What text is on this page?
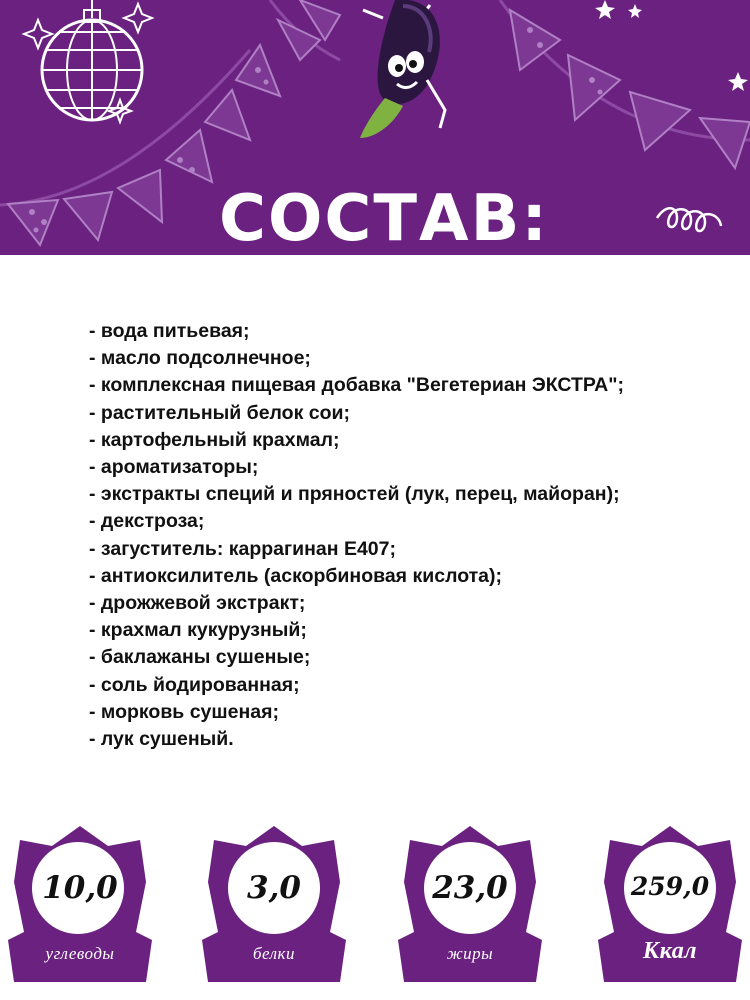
СОСТАВ:
- вода питьевая;
- масло подсолнечное;
- комплексная пищевая добавка "Вегетериан ЭКСТРА";
- растительный белок сои;
- картофельный крахмал;
- ароматизаторы;
- экстракты специй и пряностей (лук, перец, майоран);
- декстроза;
- загуститель: каррагинан Е407;
- антиоксилитель (аскорбиновая кислота);
- дрожжевой экстракт;
- крахмал кукурузный;
- баклажаны сушеные;
- соль йодированная;
- морковь сушеная;
- лук сушеный.
10,0
углеводы
3,0
белки
23,0
жиры
259,0
Ккал
